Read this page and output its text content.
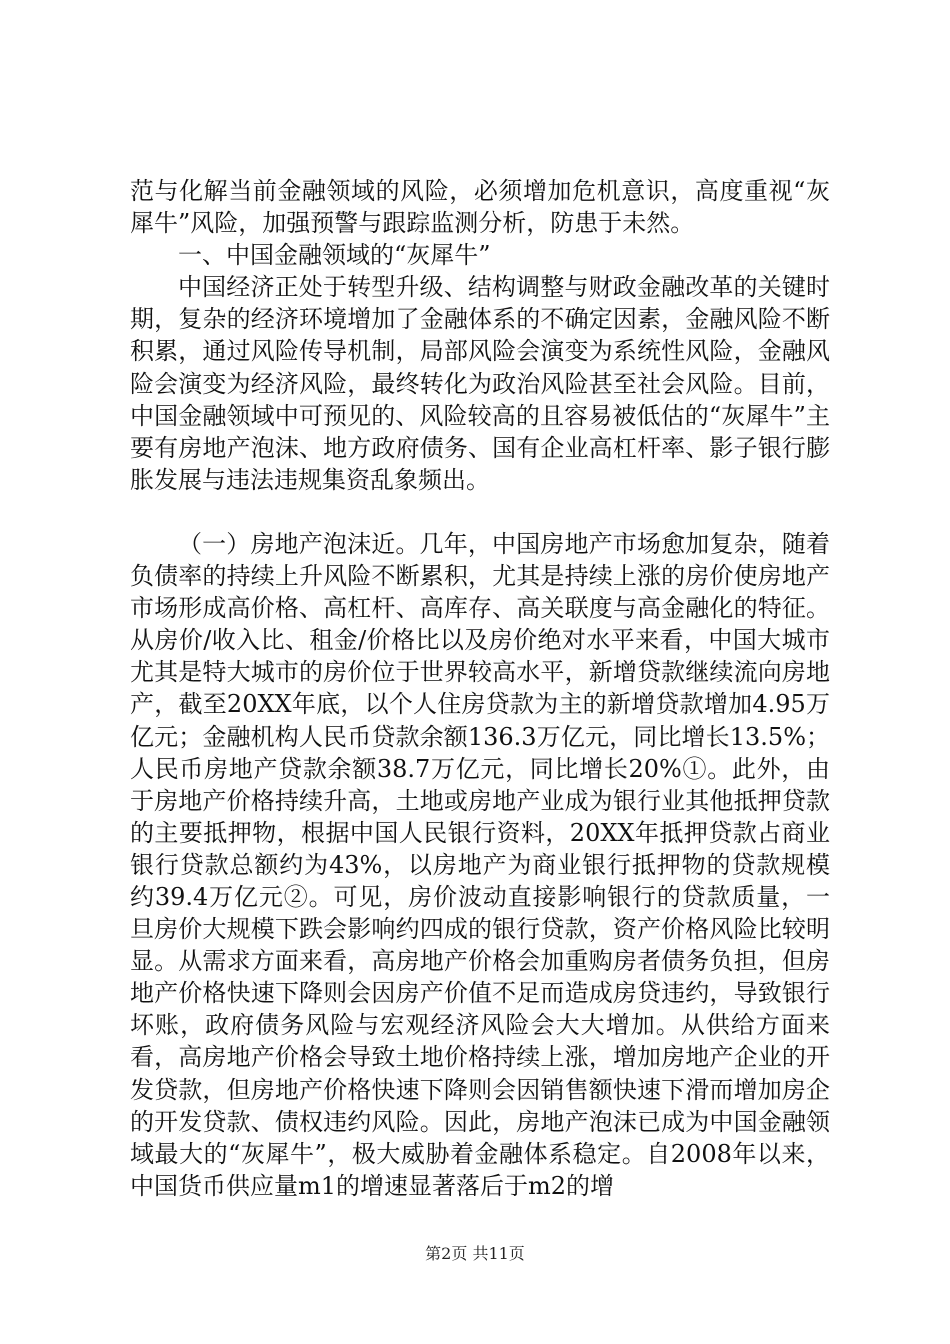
范与化解当前金融领域的风险，必须增加危机意识，高度重视“灰犀牛”风险，加强预警与跟踪监测分析，防患于未然。

一、中国金融领域的“灰犀牛”

中国经济正处于转型升级、结构调整与财政金融改革的关键时期，复杂的经济环境增加了金融体系的不确定因素，金融风险不断积累，通过风险传导机制，局部风险会演变为系统性风险，金融风险会演变为经济风险，最终转化为政治风险甚至社会风险。目前，中国金融领域中可预见的、风险较高的且容易被低估的“灰犀牛”主要有房地产泡沫、地方政府债务、国有企业高杠杆率、影子银行膨胀发展与违法违规集资乱象频出。

（一）房地产泡沫近。几年，中国房地产市场愈加复杂，随着负债率的持续上升风险不断累积，尤其是持续上涨的房价使房地产市场形成高价格、高杠杆、高库存、高关联度与高金融化的特征。从房价/收入比、租金/价格比以及房价绝对水平来看，中国大城市尤其是特大城市的房价位于世界较高水平，新增贷款继续流向房地产，截至20XX年底，以个人住房贷款为主的新增贷款增加4.95万亿元；金融机构人民币贷款余额136.3万亿元，同比增长13.5%；人民币房地产贷款余额38.7万亿元，同比增长20%①。此外，由于房地产价格持续升高，土地或房地产业成为银行业其他抵押贷款的主要抵押物，根据中国人民银行资料，20XX年抵押贷款占商业银行贷款总额约为43%，以房地产为商业银行抵押物的贷款规模约39.4万亿元②。可见，房价波动直接影响银行的贷款质量，一旦房价大规模下跌会影响约四成的银行贷款，资产价格风险比较明显。从需求方面来看，高房地产价格会加重购房者债务负担，但房地产价格快速下降则会因房产价值不足而造成房贷违约，导致银行坏账，政府债务风险与宏观经济风险会大大增加。从供给方面来看，高房地产价格会导致土地价格持续上涨，增加房地产企业的开发贷款，但房地产价格快速下降则会因销售额快速下滑而增加房企的开发贷款、债权违约风险。因此，房地产泡沫已成为中国金融领域最大的“灰犀牛”，极大威胁着金融体系稳定。自2008年以来，中国货币供应量m1的增速显著落后于m2的增

第2页 共11页
